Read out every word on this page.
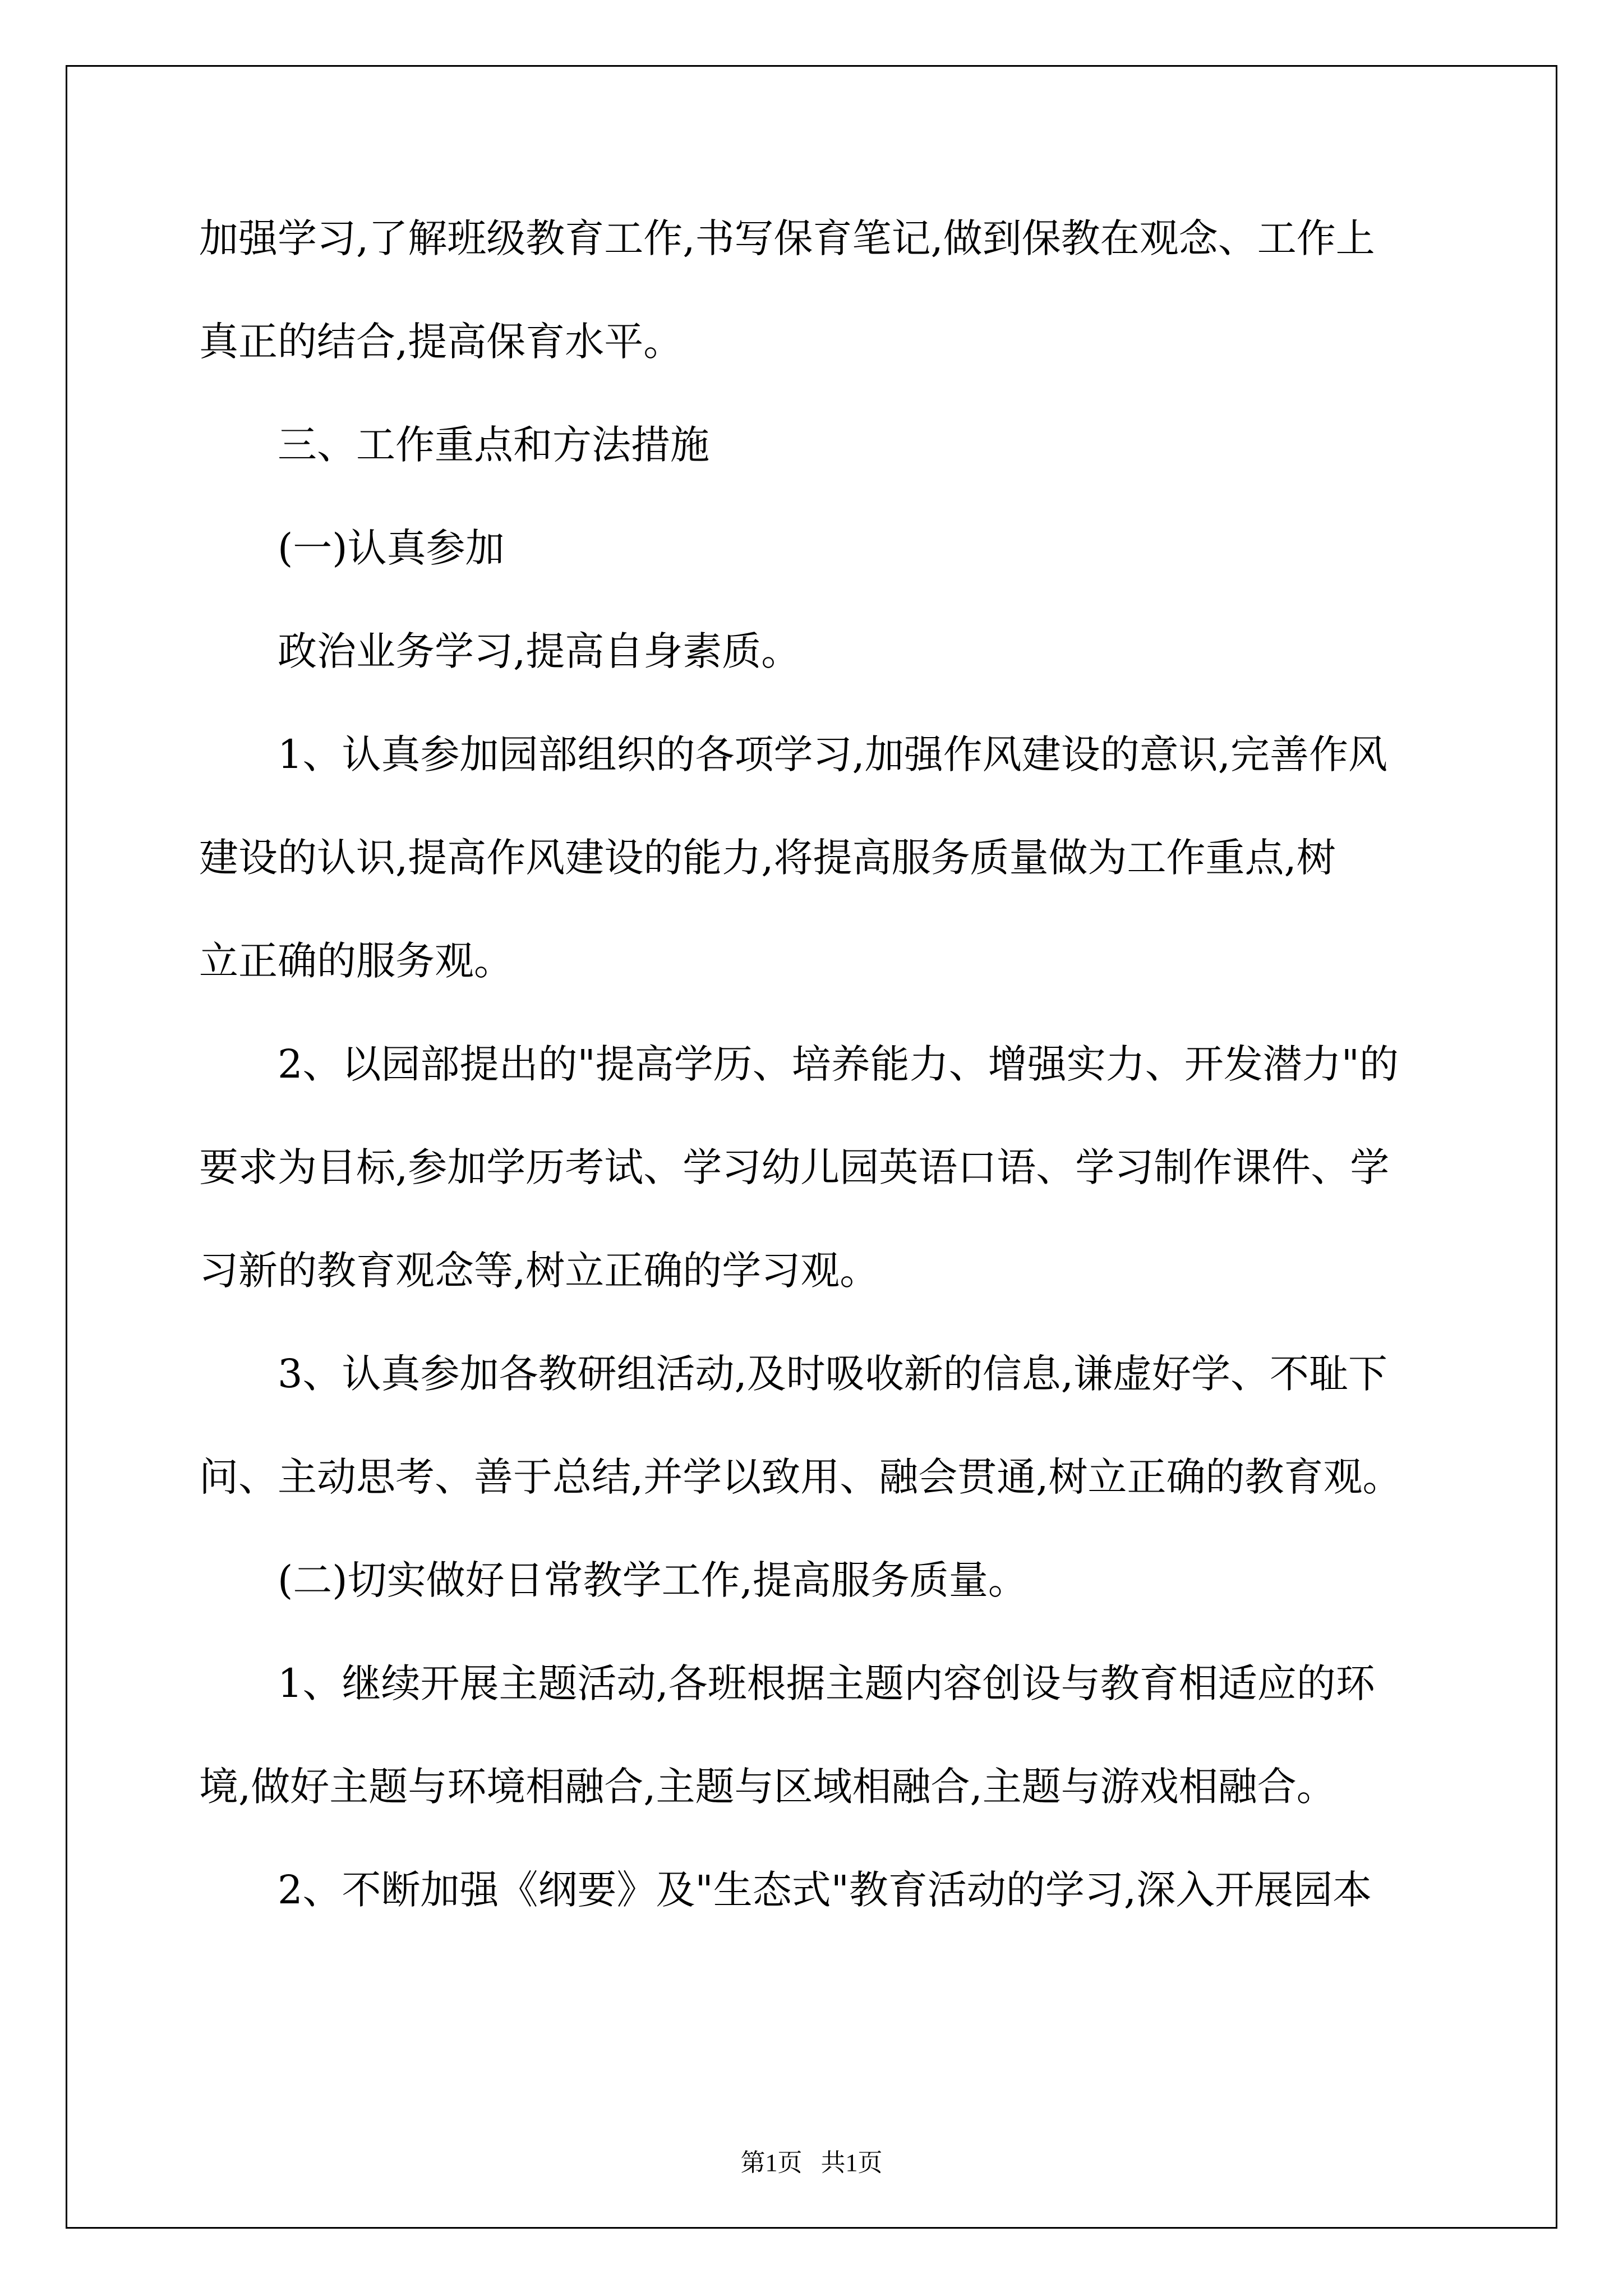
加强学习,了解班级教育工作,书写保育笔记,做到保教在观念、工作上
真正的结合,提高保育水平。
三、工作重点和方法措施
(一)认真参加
政治业务学习,提高自身素质。
1、认真参加园部组织的各项学习,加强作风建设的意识,完善作风
建设的认识,提高作风建设的能力,将提高服务质量做为工作重点,树
立正确的服务观。
2、以园部提出的"提高学历、培养能力、增强实力、开发潜力"的
要求为目标,参加学历考试、学习幼儿园英语口语、学习制作课件、学
习新的教育观念等,树立正确的学习观。
3、认真参加各教研组活动,及时吸收新的信息,谦虚好学、不耻下
问、主动思考、善于总结,并学以致用、融会贯通,树立正确的教育观。
(二)切实做好日常教学工作,提高服务质量。
1、继续开展主题活动,各班根据主题内容创设与教育相适应的环
境,做好主题与环境相融合,主题与区域相融合,主题与游戏相融合。
2、不断加强《纲要》及"生态式"教育活动的学习,深入开展园本
第1页 共1页
